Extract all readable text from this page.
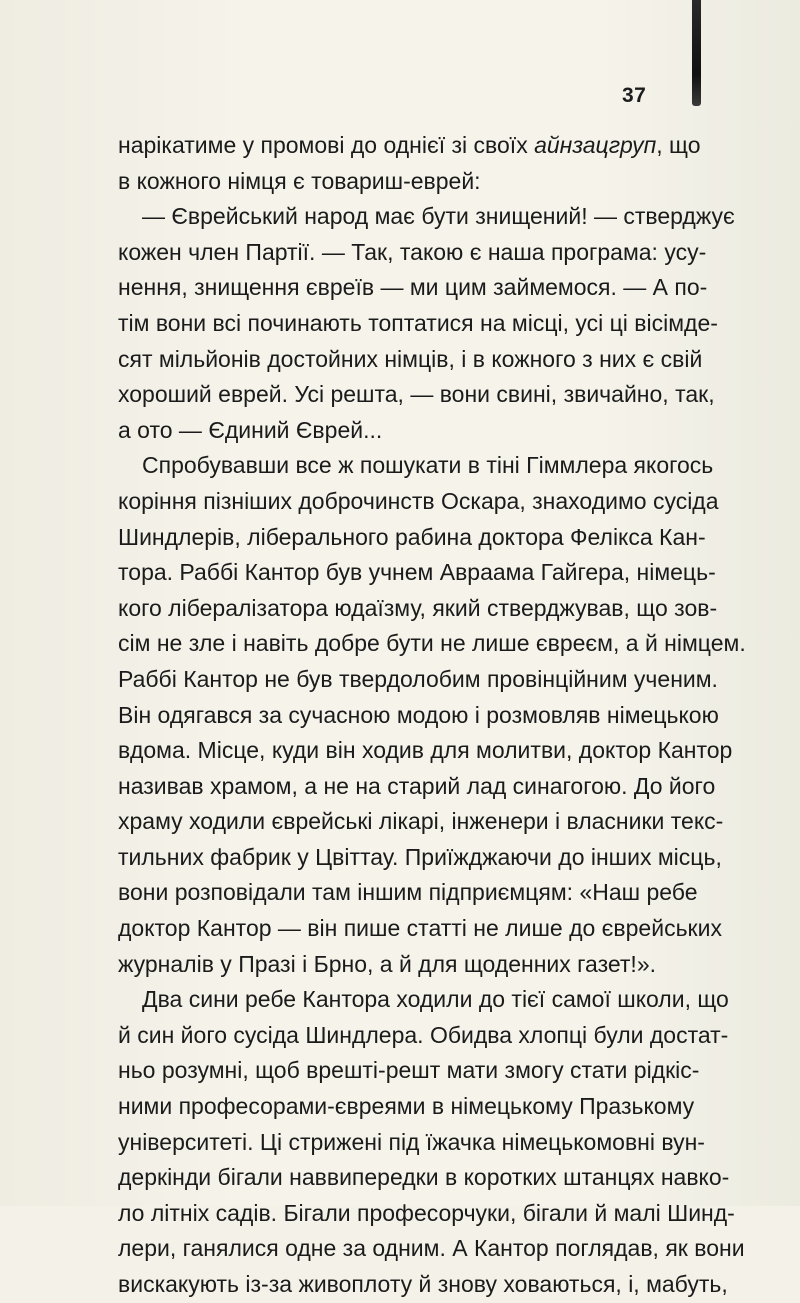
37
нарікатиме у промові до однієї зі своїх айнзацгруп, що
в кожного німця є товариш-еврей:
— Єврейський народ має бути знищений! — стверджує
кожен член Партії. — Так, такою є наша програма: усу-
нення, знищення євреїв — ми цим займемося. — А по-
тім вони всі починають топтатися на місці, усі ці вісімде-
сят мільйонів достойних німців, і в кожного з них є свій
хороший еврей. Усі решта, — вони свині, звичайно, так,
а ото — Єдиний Єврей...
Спробувавши все ж пошукати в тіні Гіммлера якогось
коріння пізніших доброчинств Оскара, знаходимо сусіда
Шиндлерів, ліберального рабина доктора Фелікса Кан-
тора. Раббі Кантор був учнем Авраама Гайгера, німець-
кого лібералізатора юдаїзму, який стверджував, що зов-
сім не зле і навіть добре бути не лише євреєм, а й німцем.
Раббі Кантор не був твердолобим провінційним ученим.
Він одягався за сучасною модою і розмовляв німецькою
вдома. Місце, куди він ходив для молитви, доктор Кантор
називав храмом, а не на старий лад синагогою. До його
храму ходили єврейські лікарі, інженери і власники текс-
тильних фабрик у Цвіттау. Приїжджаючи до інших місць,
вони розповідали там іншим підприємцям: «Наш ребе
доктор Кантор — він пише статті не лише до єврейських
журналів у Празі і Брно, а й для щоденних газет!».
Два сини ребе Кантора ходили до тієї самої школи, що
й син його сусіда Шиндлера. Обидва хлопці були достат-
ньо розумні, щоб врешті-решт мати змогу стати рідкіс-
ними професорами-євреями в німецькому Празькому
університеті. Ці стрижені під їжачка німецькомовні вун-
деркінди бігали наввипередки в коротких штанцях навко-
ло літніх садів. Бігали професорчуки, бігали й малі Шинд-
лери, ганялися одне за одним. А Кантор поглядав, як вони
вискакують із-за живоплоту й знову ховаються, і, мабуть,
